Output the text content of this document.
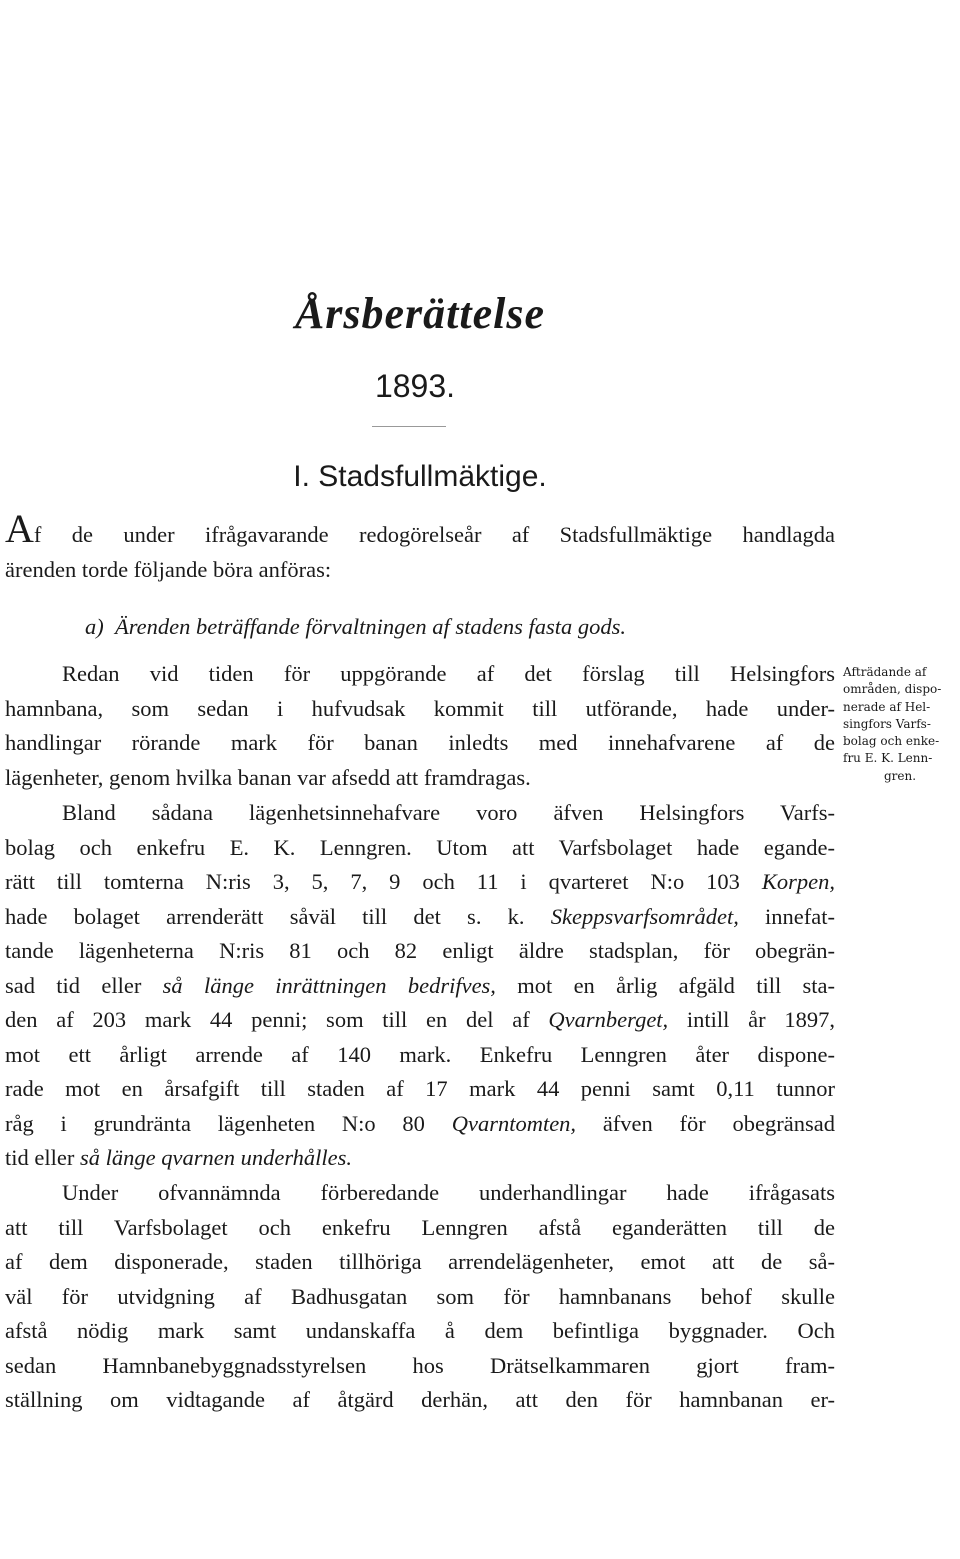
Årsberättelse
1893.
I. Stadsfullmäktige.
Af de under ifrågavarande redogörelseår af Stadsfullmäktige handlagda
ärenden torde följande böra anföras:
a) Ärenden beträffande förvaltningen af stadens fasta gods.
Redan vid tiden för uppgörande af det förslag till Helsingfors
hamnbana, som sedan i hufvudsak kommit till utförande, hade under-
handlingar rörande mark för banan inledts med innehafvarene af de
lägenheter, genom hvilka banan var afsedd att framdragas.
Afträdande af
områden, dispo-
nerade af Hel-
singfors Varfs-
bolag och enke-
fru E. K. Lenn-
gren.
Bland sådana lägenhetsinnehafvare voro äfven Helsingfors Varfs-
bolag och enkefru E. K. Lenngren. Utom att Varfsbolaget hade egande-
rätt till tomterna N:ris 3, 5, 7, 9 och 11 i qvarteret N:o 103 Korpen,
hade bolaget arrenderätt såväl till det s. k. Skeppsvarfsområdet, innefat-
tande lägenheterna N:ris 81 och 82 enligt äldre stadsplan, för obegrän-
sad tid eller så länge inrättningen bedrifves, mot en årlig afgäld till sta-
den af 203 mark 44 penni; som till en del af Qvarnberget, intill år 1897,
mot ett årligt arrende af 140 mark. Enkefru Lenngren åter dispone-
rade mot en årsafgift till staden af 17 mark 44 penni samt 0,11 tunnor
råg i grundränta lägenheten N:o 80 Qvarntomten, äfven för obegränsad
tid eller så länge qvarnen underhålles.
Under ofvannämnda förberedande underhandlingar hade ifrågasats
att till Varfsbolaget och enkefru Lenngren afstå eganderätten till de
af dem disponerade, staden tillhöriga arrendelägenheter, emot att de så-
väl för utvidgning af Badhusgatan som för hamnbanans behof skulle
afstå nödig mark samt undanskaffa å dem befintliga byggnader. Och
sedan Hamnbanebyggnadsstyrelsen hos Drätselkammaren gjort fram-
ställning om vidtagande af åtgärd derhän, att den för hamnbanan er-
